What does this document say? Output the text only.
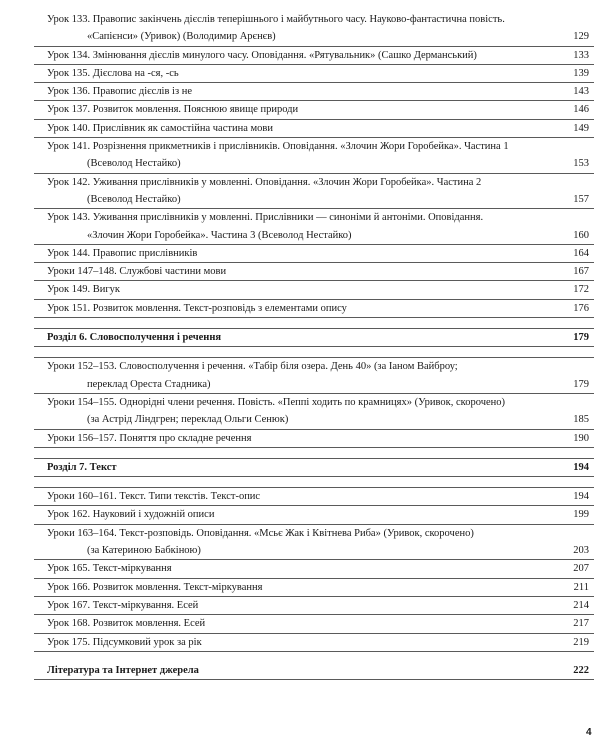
Урок 133. Правопис закінчень дієслів теперішнього і майбутнього часу. Науково-фантастична повість.
«Сапієнси» (Уривок) (Володимир Арєнєв)	129
Урок 134. Змінювання дієслів минулого часу. Оповідання. «Рятувальник» (Сашко Дерманський)	133
Урок 135. Дієслова на -ся, -сь	139
Урок 136. Правопис дієслів із не	143
Урок 137. Розвиток мовлення. Пояснюю явище природи	146
Урок 140. Прислівник як самостійна частина мови	149
Урок 141. Розрізнення прикметників і прислівників. Оповідання. «Злочин Жори Горобейка». Частина 1
(Всеволод Нестайко)	153
Урок 142. Уживання прислівників у мовленні. Оповідання. «Злочин Жори Горобейка». Частина 2
(Всеволод Нестайко)	157
Урок 143. Уживання прислівників у мовленні. Прислівники — синоніми й антоніми. Оповідання.
«Злочин Жори Горобейка». Частина 3 (Всеволод Нестайко)	160
Урок 144. Правопис прислівників	164
Уроки 147–148. Службові частини мови	167
Урок 149. Вигук	172
Урок 151. Розвиток мовлення. Текст-розповідь з елементами опису	176
Розділ 6. Словосполучення і речення	179
Уроки 152–153. Словосполучення і речення. «Табір біля озера. День 40» (за Іаном Вайброу;
переклад Ореста Стадника)	179
Уроки 154–155. Однорідні члени речення. Повість. «Пеппі ходить по крамницях» (Уривок, скорочено)
(за Астрід Ліндгрен; переклад Ольги Сенюк)	185
Уроки 156–157. Поняття про складне речення	190
Розділ 7. Текст	194
Уроки 160–161. Текст. Типи текстів. Текст-опис	194
Урок 162. Науковий і художній описи	199
Уроки 163–164. Текст-розповідь. Оповідання. «Мсьє Жак і Квітнева Риба» (Уривок, скорочено)
(за Катериною Бабкіною)	203
Урок 165. Текст-міркування	207
Урок 166. Розвиток мовлення. Текст-міркування	211
Урок 167. Текст-міркування. Есей	214
Урок 168. Розвиток мовлення. Есей	217
Урок 175. Підсумковий урок за рік	219
Література та Інтернет джерела	222
4
